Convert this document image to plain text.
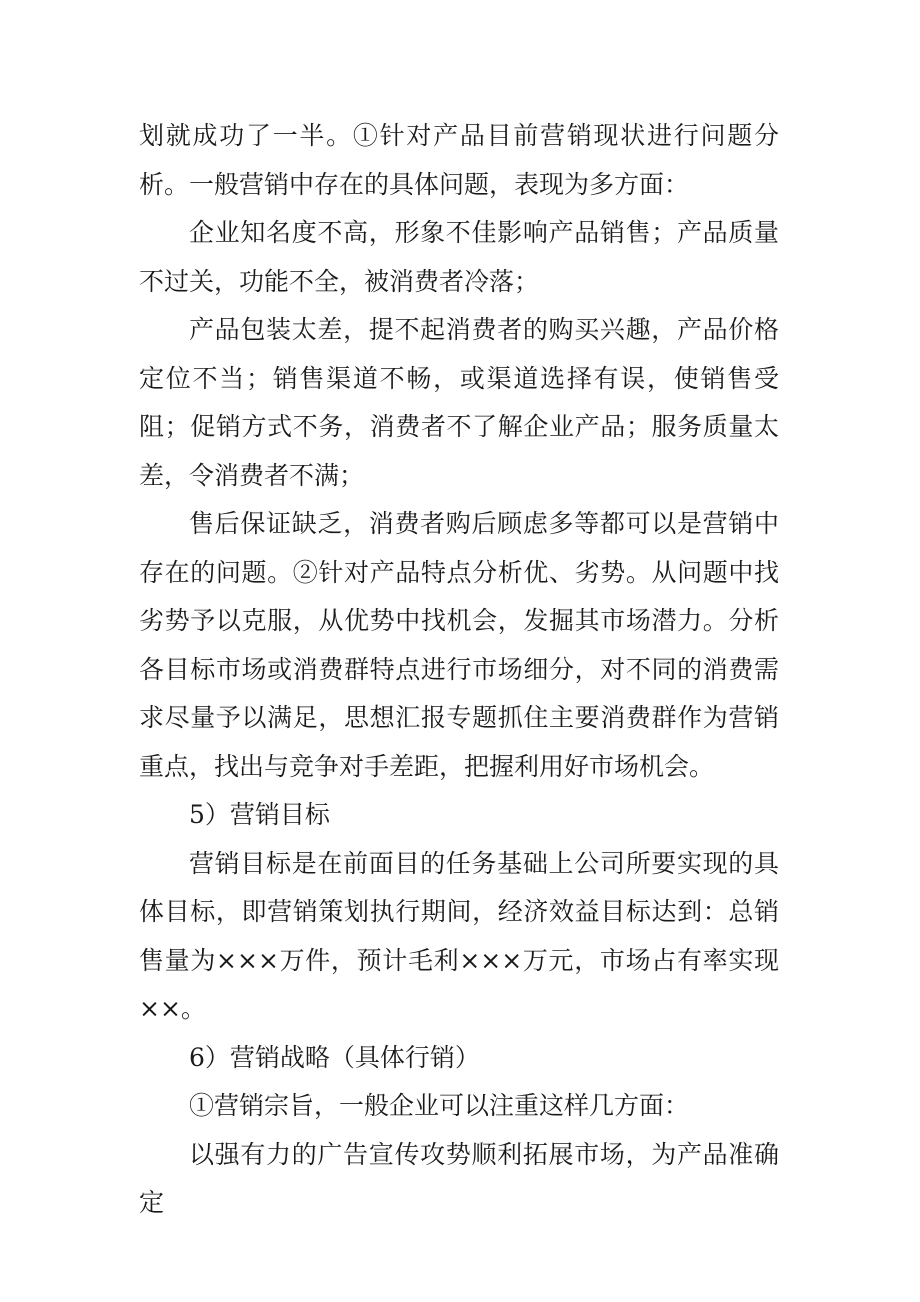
划就成功了一半。①针对产品目前营销现状进行问题分析。一般营销中存在的具体问题，表现为多方面：

企业知名度不高，形象不佳影响产品销售；产品质量不过关，功能不全，被消费者冷落；

产品包装太差，提不起消费者的购买兴趣，产品价格定位不当；销售渠道不畅，或渠道选择有误，使销售受阻；促销方式不务，消费者不了解企业产品；服务质量太差，令消费者不满；

售后保证缺乏，消费者购后顾虑多等都可以是营销中存在的问题。②针对产品特点分析优、劣势。从问题中找劣势予以克服，从优势中找机会，发掘其市场潜力。分析各目标市场或消费群特点进行市场细分，对不同的消费需求尽量予以满足，思想汇报专题抓住主要消费群作为营销重点，找出与竞争对手差距，把握利用好市场机会。

5）营销目标

营销目标是在前面目的任务基础上公司所要实现的具体目标，即营销策划执行期间，经济效益目标达到：总销售量为×××万件，预计毛利×××万元，市场占有率实现××。

6）营销战略（具体行销）

①营销宗旨，一般企业可以注重这样几方面：

以强有力的广告宣传攻势顺利拓展市场，为产品准确定
